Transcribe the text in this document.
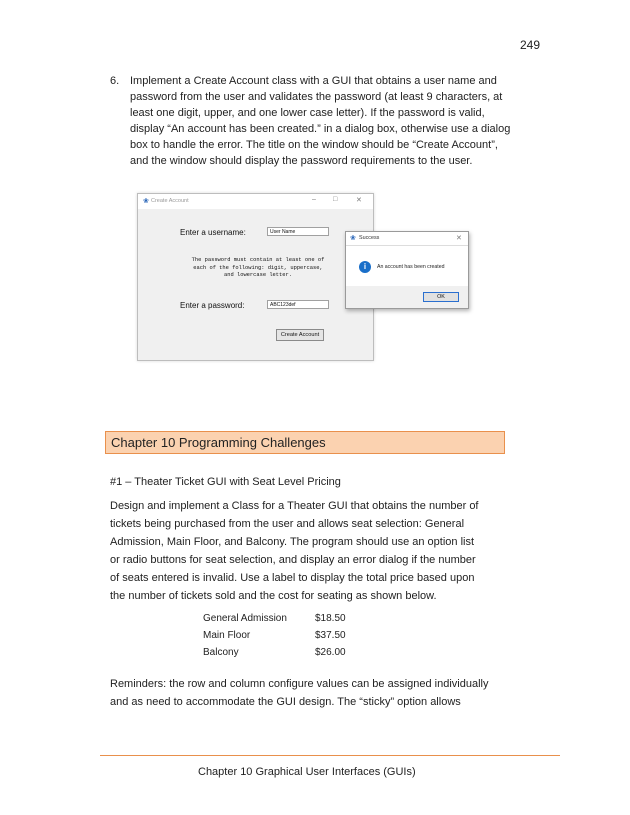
249
6. Implement a Create Account class with a GUI that obtains a user name and
password from the user and validates the password (at least 9 characters, at
least one digit, upper, and one lower case letter). If the password is valid,
display “An account has been created.” in a dialog box, otherwise use a dialog
box to handle the error. The title on the window should be “Create Account”,
and the window should display the password requirements to the user.
❀ Create Account	– □	✕
Enter a username:	User Name
The password must contain at least one of
each of the following: digit, uppercase,
and lowercase letter.
Enter a password:	ABC123def
Create Account
❀ Success	✕
i	An account has been created
OK
Chapter 10 Programming Challenges
#1 – Theater Ticket GUI with Seat Level Pricing
Design and implement a Class for a Theater GUI that obtains the number of
tickets being purchased from the user and allows seat selection: General
Admission, Main Floor, and Balcony. The program should use an option list
or radio buttons for seat selection, and display an error dialog if the number
of seats entered is invalid. Use a label to display the total price based upon
the number of tickets sold and the cost for seating as shown below.
General Admission	$18.50
Main Floor	$37.50
Balcony	$26.00
Reminders: the row and column configure values can be assigned individually
and as need to accommodate the GUI design. The “sticky” option allows
Chapter 10 Graphical User Interfaces (GUIs)
